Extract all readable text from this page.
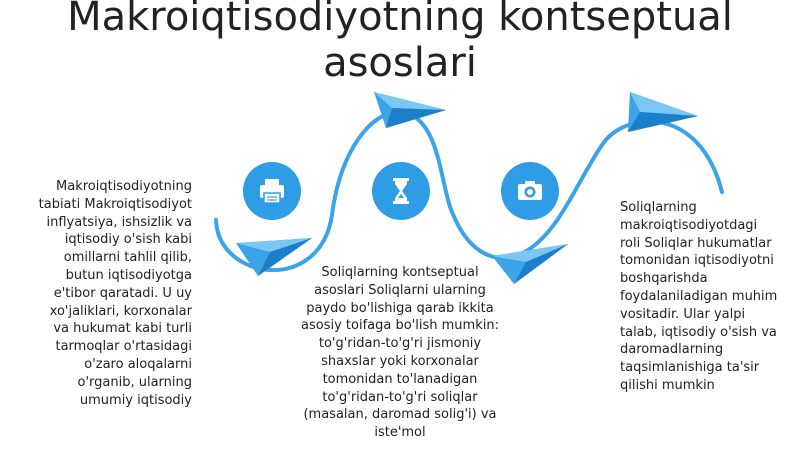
Makroiqtisodiyotning kontseptual asoslari
Makroiqtisodiyotning tabiati Makroiqtisodiyot inflyatsiya, ishsizlik va iqtisodiy o'sish kabi omillarni tahlil qilib, butun iqtisodiyotga e'tibor qaratadi. U uy xo'jaliklari, korxonalar va hukumat kabi turli tarmoqlar o'rtasidagi o'zaro aloqalarni o'rganib, ularning umumiy iqtisodiy
Soliqlarning kontseptual asoslari Soliqlarni ularning paydo bo'lishiga qarab ikkita asosiy toifaga bo'lish mumkin: to'g'ridan-to'g'ri jismoniy shaxslar yoki korxonalar tomonidan to'lanadigan to'g'ridan-to'g'ri soliqlar (masalan, daromad solig'i) va iste'mol
Soliqlarning makroiqtisodiyotdagi roli Soliqlar hukumatlar tomonidan iqtisodiyotni boshqarishda foydalaniladigan muhim vositadir. Ular yalpi talab, iqtisodiy o'sish va daromadlarning taqsimlanishiga ta'sir qilishi mumkin
